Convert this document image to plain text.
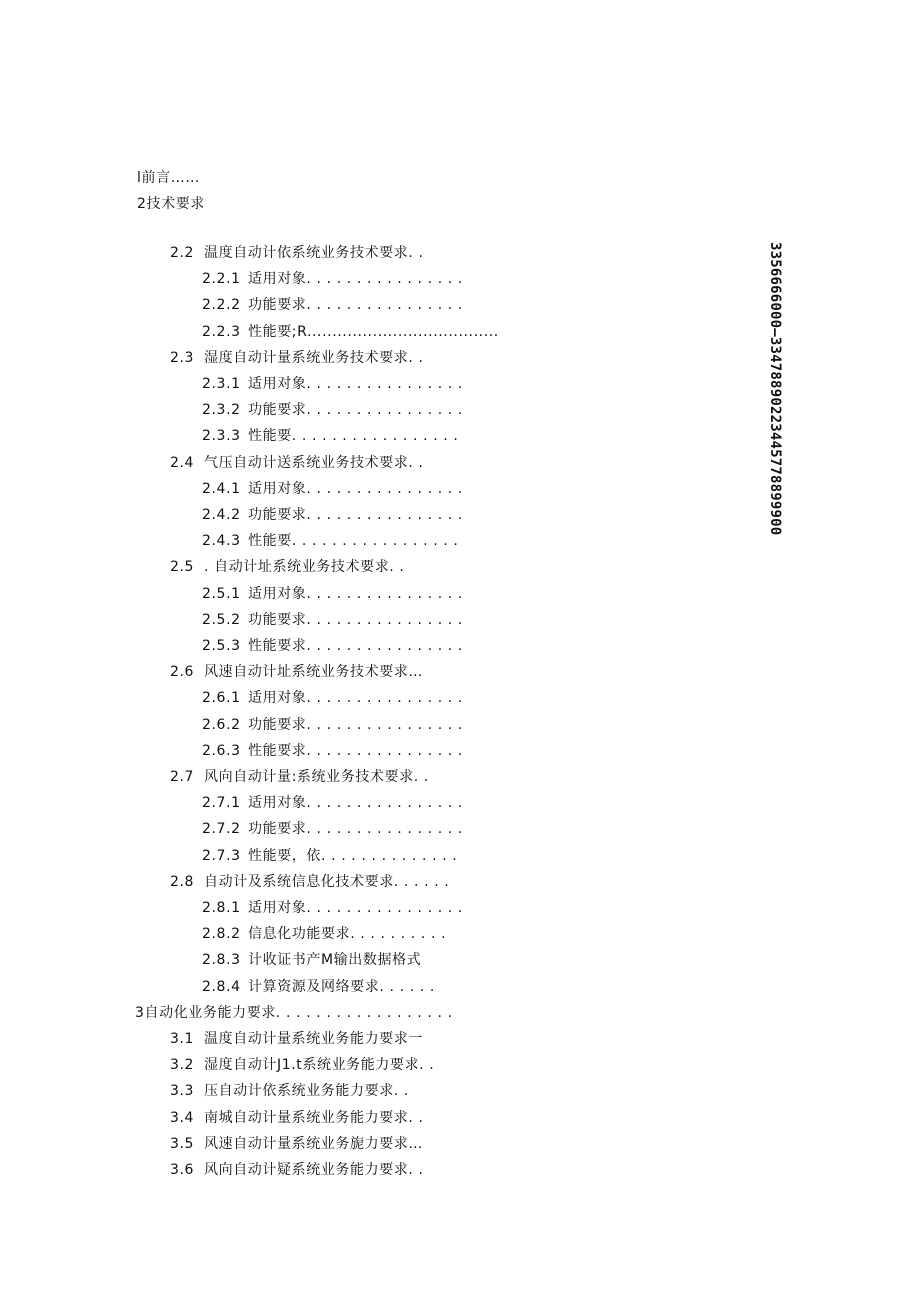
l前言……
2技术要求
2.2 温度自动计依系统业务技术要求. .
2.2.1 适用对象. . . . . . . . . . . . . . . .
2.2.2 功能要求. . . . . . . . . . . . . . . .
2.2.3 性能要;R......................................
2.3 湿度自动计量系统业务技术要求. .
2.3.1 适用对象. . . . . . . . . . . . . . . .
2.3.2 功能要求. . . . . . . . . . . . . . . .
2.3.3 性能要. . . . . . . . . . . . . . . . .
2.4 气压自动计送系统业务技术要求. .
2.4.1 适用对象. . . . . . . . . . . . . . . .
2.4.2 功能要求. . . . . . . . . . . . . . . .
2.4.3 性能要. . . . . . . . . . . . . . . . .
2.5. 自动计址系统业务技术要求. .
2.5.1 适用对象. . . . . . . . . . . . . . . .
2.5.2 功能要求. . . . . . . . . . . . . . . .
2.5.3 性能要求. . . . . . . . . . . . . . . .
2.6 风速自动计址系统业务技术要求…
2.6.1 适用对象. . . . . . . . . . . . . . . .
2.6.2 功能要求. . . . . . . . . . . . . . . .
2.6.3 性能要求. . . . . . . . . . . . . . . .
2.7 风向自动计量:系统业务技术要求. .
2.7.1 适用对象. . . . . . . . . . . . . . . .
2.7.2 功能要求. . . . . . . . . . . . . . . .
2.7.3 性能要，依. . . . . . . . . . . . . .
2.8 自动计及系统信息化技术要求. . . . . .
2.8.1 适用对象. . . . . . . . . . . . . . . .
2.8.2 信息化功能要求. . . . . . . . . .
2.8.3 计收证书产M输出数据格式
2.8.4 计算资源及网络要求. . . . . .
3自动化业务能力要求. . . . . . . . . . . . . . . . . .
3.1 温度自动计量系统业务能力要求一
3.2 湿度自动计J1.t系统业务能力要求. .
3.3压自动计依系统业务能力要求. .
3.4 南城自动计量系统业务能力要求. .
3.5 风速自动计量系统业务旎力要求…
3.6 风向自动计疑系统业务能力要求. .
3356666000—33478890223445778899900
